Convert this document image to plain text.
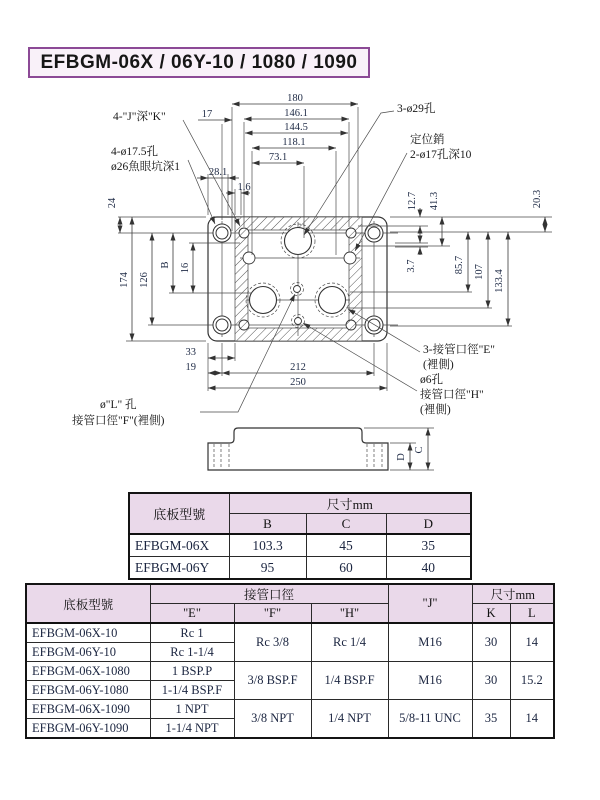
EFBGM-06X / 06Y-10 / 1080 / 1090
180
146.1
144.5
118.1
73.1
17
28.1
1.6
33
19	212
250
24
174 126
B 16
12.7 41.3	20.3
3.7	85.7 107 133.4
4-"J"深"K"
4-ø17.5孔
ø26魚眼坑深1
3-ø29孔
定位銷
2-ø17孔深10
3-接管口徑"E"
(裡側)
ø6孔
接管口徑"H"
(裡側)
ø"L" 孔
接管口徑"F"(裡側)
D
C
底板型號	尺寸mm		
	B	C	D
EFBGM-06X	103.3	45	35
EFBGM-06Y	95	60	40
底板型號	接管口徑			"J"	尺寸mm	
	"E"	"F"	"H"		K	L
EFBGM-06X-10	Rc 1	Rc 3/8	Rc 1/4	M16	30	14
EFBGM-06Y-10	Rc 1-1/4					
EFBGM-06X-1080	1 BSP.P	3/8 BSP.F	1/4 BSP.F	M16	30	15.2
EFBGM-06Y-1080	1-1/4 BSP.F					
EFBGM-06X-1090	1 NPT	3/8 NPT	1/4 NPT	5/8-11 UNC	35	14
EFBGM-06Y-1090	1-1/4 NPT					
